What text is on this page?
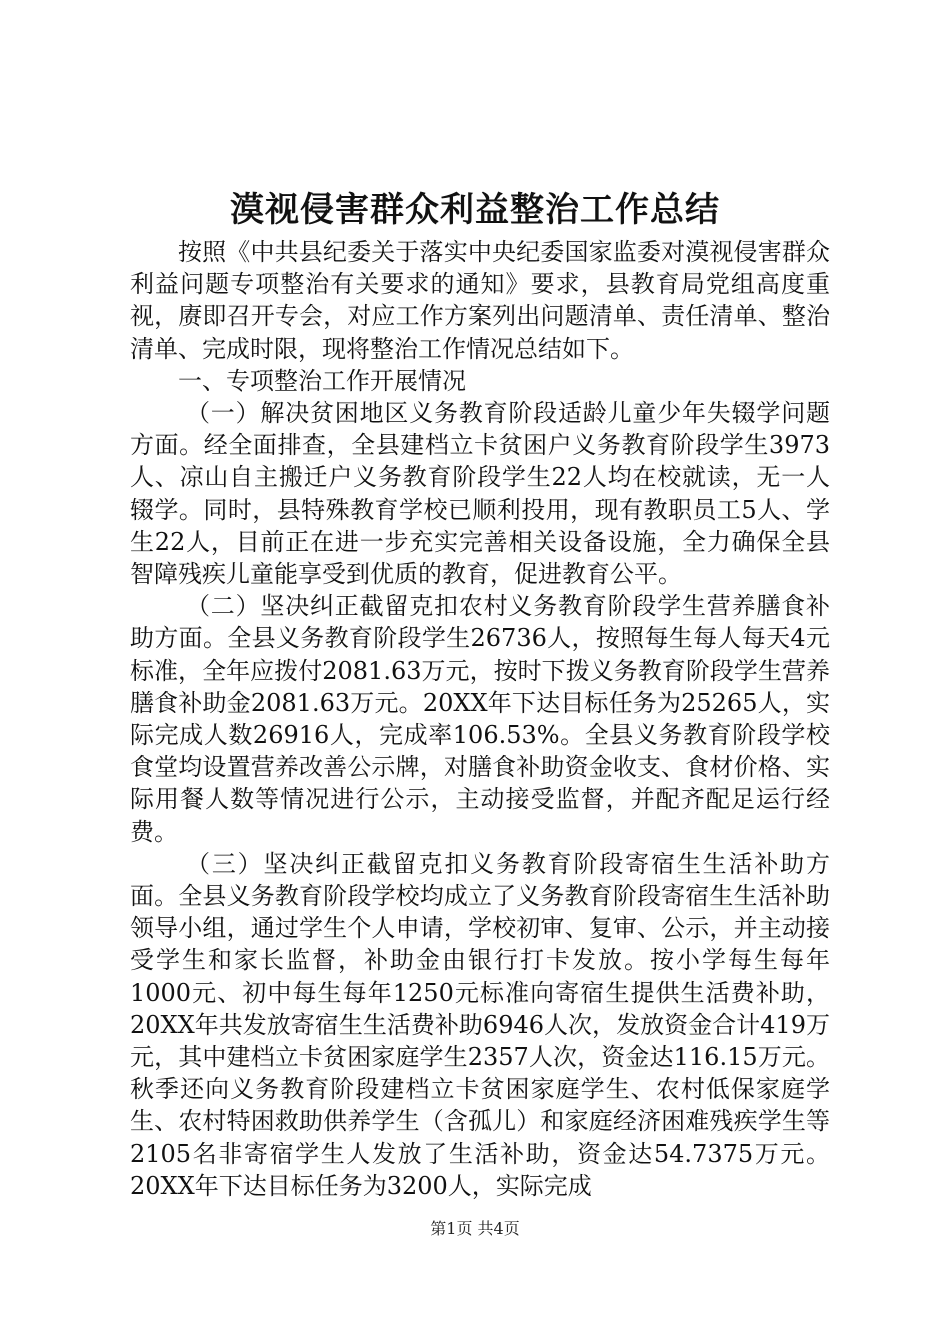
漠视侵害群众利益整治工作总结

按照《中共县纪委关于落实中央纪委国家监委对漠视侵害群众利益问题专项整治有关要求的通知》要求，县教育局党组高度重视，赓即召开专会，对应工作方案列出问题清单、责任清单、整治清单、完成时限，现将整治工作情况总结如下。

一、专项整治工作开展情况

（一）解决贫困地区义务教育阶段适龄儿童少年失辍学问题方面。经全面排查，全县建档立卡贫困户义务教育阶段学生3973人、凉山自主搬迁户义务教育阶段学生22人均在校就读，无一人辍学。同时，县特殊教育学校已顺利投用，现有教职员工5人、学生22人，目前正在进一步充实完善相关设备设施，全力确保全县智障残疾儿童能享受到优质的教育，促进教育公平。

（二）坚决纠正截留克扣农村义务教育阶段学生营养膳食补助方面。全县义务教育阶段学生26736人，按照每生每人每天4元标准，全年应拨付2081.63万元，按时下拨义务教育阶段学生营养膳食补助金2081.63万元。20XX年下达目标任务为25265人，实际完成人数26916人，完成率106.53%。全县义务教育阶段学校食堂均设置营养改善公示牌，对膳食补助资金收支、食材价格、实际用餐人数等情况进行公示，主动接受监督，并配齐配足运行经费。

（三）坚决纠正截留克扣义务教育阶段寄宿生生活补助方面。全县义务教育阶段学校均成立了义务教育阶段寄宿生生活补助领导小组，通过学生个人申请，学校初审、复审、公示，并主动接受学生和家长监督，补助金由银行打卡发放。按小学每生每年1000元、初中每生每年1250元标准向寄宿生提供生活费补助，20XX年共发放寄宿生生活费补助6946人次，发放资金合计419万元，其中建档立卡贫困家庭学生2357人次，资金达116.15万元。秋季还向义务教育阶段建档立卡贫困家庭学生、农村低保家庭学生、农村特困救助供养学生（含孤儿）和家庭经济困难残疾学生等2105名非寄宿学生人发放了生活补助，资金达54.7375万元。20XX年下达目标任务为3200人，实际完成

第1页 共4页
